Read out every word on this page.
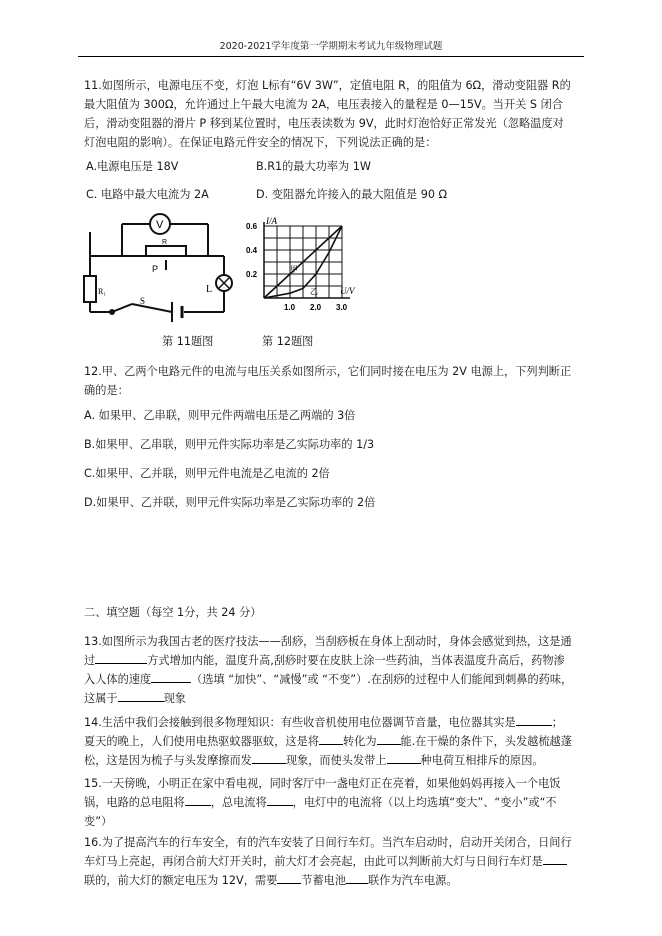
2020-2021学年度第一学期期末考试九年级物理试题

11.如图所示，电源电压不变，灯泡 L标有“6V 3W”，定值电阻 R，的阻值为 6Ω，滑动变阻器 R的最大阻值为 300Ω，允许通过上午最大电流为 2A，电压表接入的量程是 0—15V。当开关 S 闭合后，滑动变阻器的滑片 P 移到某位置时，电压表读数为 9V，此时灯泡恰好正常发光（忽略温度对灯泡电阻的影响）。在保证电路元件安全的情况下，下列说法正确的是：

A.电源电压是 18V	B.R1的最大功率为 1W
C. 电路中最大电流为 2A	D. 变阻器允许接入的最大阻值是 90 Ω
V
R
P
R₁
S
L
I/A
U/V
0.2
0.4
0.6
1.0 2.0 3.0
甲
乙
第 11题图	第 12题图

12.甲、乙两个电路元件的电流与电压关系如图所示，它们同时接在电压为 2V 电源上，下列判断正确的是：

A. 如果甲、乙串联，则甲元件两端电压是乙两端的 3倍
B.如果甲、乙串联，则甲元件实际功率是乙实际功率的 1/3
C.如果甲、乙并联，则甲元件电流是乙电流的 2倍
D.如果甲、乙并联，则甲元件实际功率是乙实际功率的 2倍
二、填空题（每空 1分，共 24 分）

13.如图所示为我国古老的医疗技法——刮痧，当刮痧板在身体上刮动时，身体会感觉到热，这是通过	方式增加内能，温度升高,刮痧时要在皮肤上涂一些药油，当体表温度升高后，药物渗入人体的速度	（选填 “加快”、“减慢”或 “不变”）.在刮痧的过程中人们能闻到刺鼻的药味，这属于	现象

14.生活中我们会接触到很多物理知识：有些收音机使用电位器调节音量，电位器其实是	；夏天的晚上，人们使用电热驱蚊器驱蚊，这是将 转化为 能.在干燥的条件下，头发越梳越蓬松，这是因为梳子与头发摩擦而发	现象，而使头发带上	种电荷互相排斥的原因。

15.一天傍晚，小明正在家中看电视，同时客厅中一盏电灯正在亮着，如果他妈妈再接入一个电饭锅，电路的总电阻将 ，总电流将 ，电灯中的电流将（以上均选填“变大”、“变小”或“不变”）

16.为了提高汽车的行车安全，有的汽车安装了日间行车灯。当汽车启动时，启动开关闭合，日间行车灯马上亮起，再闭合前大灯开关时，前大灯才会亮起，由此可以判断前大灯与日间行车灯是联的，前大灯的额定电压为 12V，需要 节蓄电池 联作为汽车电源。
